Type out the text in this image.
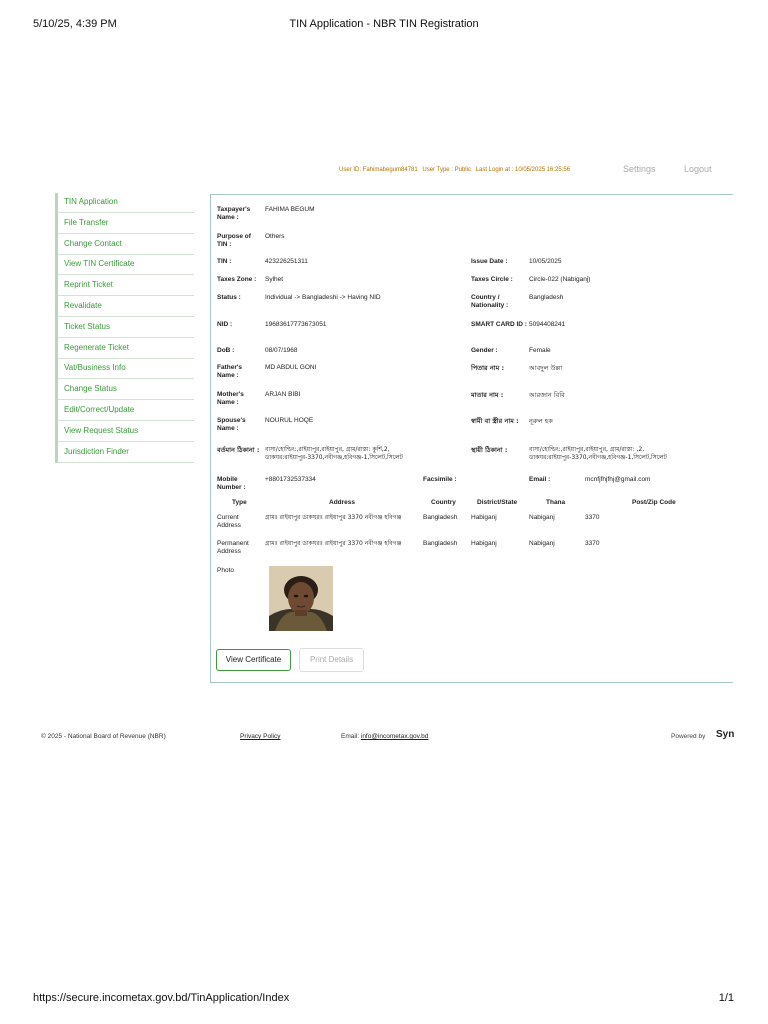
5/10/25, 4:39 PM	TIN Application - NBR TIN Registration
User ID: Fahimabegum84781 User Type : Public Last Login at : 10/05/2025 16:25:56	Settings	Logout
TIN Application
File Transfer
Change Contact
View TIN Certificate
Reprint Ticket
Revalidate
Ticket Status
Regenerate Ticket
Vat/Business Info
Change Status
Edit/Correct/Update
View Request Status
Jurisdiction Finder
Taxpayer's Name :
FAHIMA BEGUM
Purpose of TIN :
Others
TIN :	423226251311	Issue Date :	10/05/2025
Taxes Zone : Sylhet	Taxes Circle : Circle-022 (Nabiganj)
Status :	Individual -> Bangladeshi -> Having NID	Country / Nationality :
Bangladesh
NID :	19683617773673051	SMART CARD ID : 5094408241
DoB :	08/07/1968	Gender :	Female
Father's Name :
MD ABDUL GONI	পিতার নাম :	আবদুল উল্লা
Mother's Name :
ARJAN BIBI	মাতার নাম :	আরজান বিবি
Spouse's Name :
NOURUL HOQE	স্বামী বা স্ত্রীর নাম :	নূরুল হক
বর্তমান ঠিকানা : বাসা/হোল্ডিং:,রাইয়াপুর,রাইয়াপুর, গ্রাম/রাস্তা: কুর্শি,2, ডাকঘর:রাইয়াপুর-3370,নবীগঞ্জ,হবিগঞ্জ-1,সিলেট,সিলেট
স্থায়ী ঠিকানা :	বাসা/হোল্ডিং:,রাইয়াপুর,রাইয়াপুর, গ্রাম/রাস্তা: ,2, ডাকঘর:রাইয়াপুর-3370,নবীগঞ্জ,হবিগঞ্জ-1,সিলেট,সিলেট
Mobile Number :
+8801732537334	Facsimile :	Email :	mcnfjfhjfhj@gmail.com
Type	Address	Country	District/State	Thana	Post/Zip Code
Current Address
গ্রামঃ রাইয়াপুর ডাকঘরঃ রাইয়াপুর 3370 নবীগঞ্জ হবিগঞ্জ	Bangladesh Habiganj	Nabiganj	3370
Permanent Address
গ্রামঃ রাইয়াপুর ডাকঘরঃ রাইয়াপুর 3370 নবীগঞ্জ হবিগঞ্জ	Bangladesh Habiganj	Nabiganj	3370
Photo
View Certificate	Print Details
© 2025 - National Board of Revenue (NBR)	Privacy Policy	Email: info@incometax.gov.bd	Powered by Syn
https://secure.incometax.gov.bd/TinApplication/Index	1/1
